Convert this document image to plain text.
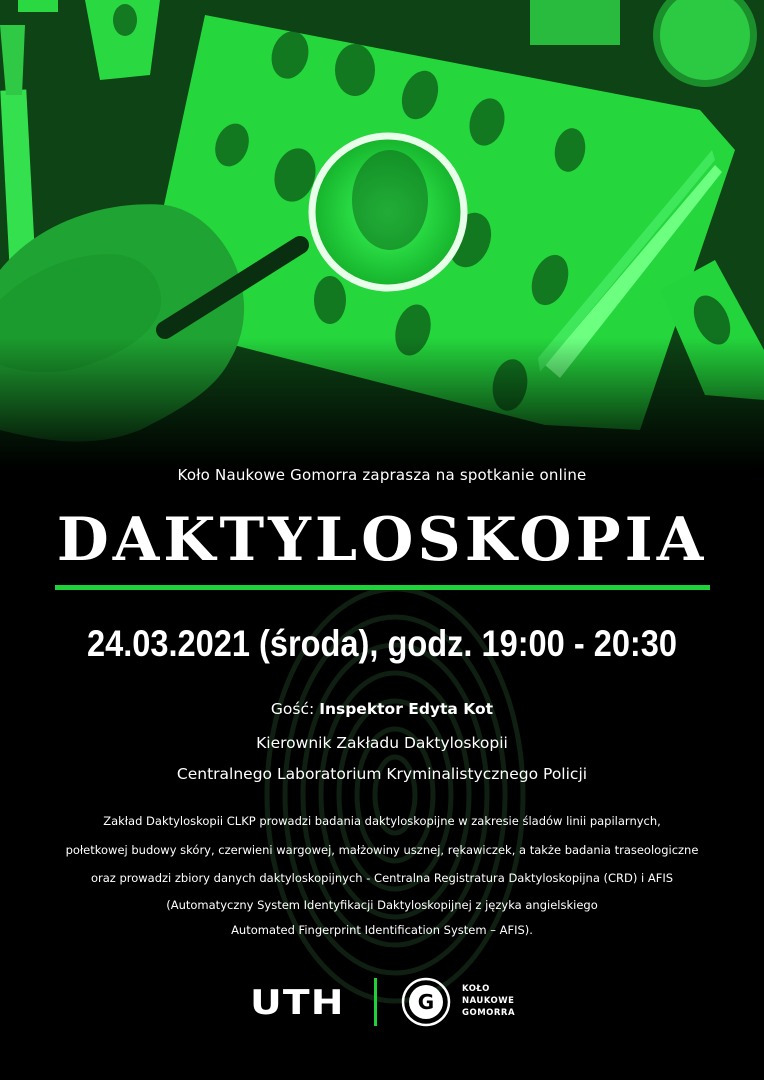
Koło Naukowe Gomorra zaprasza na spotkanie online
DAKTYLOSKOPIA
24.03.2021 (środa), godz. 19:00 - 20:30
Gość: Inspektor Edyta Kot
Kierownik Zakładu Daktyloskopii
Centralnego Laboratorium Kryminalistycznego Policji
Zakład Daktyloskopii CLKP prowadzi badania daktyloskopijne w zakresie śladów linii papilarnych,
połetkowej budowy skóry, czerwieni wargowej, małżowiny usznej, rękawiczek, a także badania traseologiczne
oraz prowadzi zbiory danych daktyloskopijnych - Centralna Registratura Daktyloskopijna (CRD) i AFIS
(Automatyczny System Identyfikacji Daktyloskopijnej z języka angielskiego
Automated Fingerprint Identification System – AFIS).
UTH	G
KOŁO
NAUKOWE
GOMORRA
